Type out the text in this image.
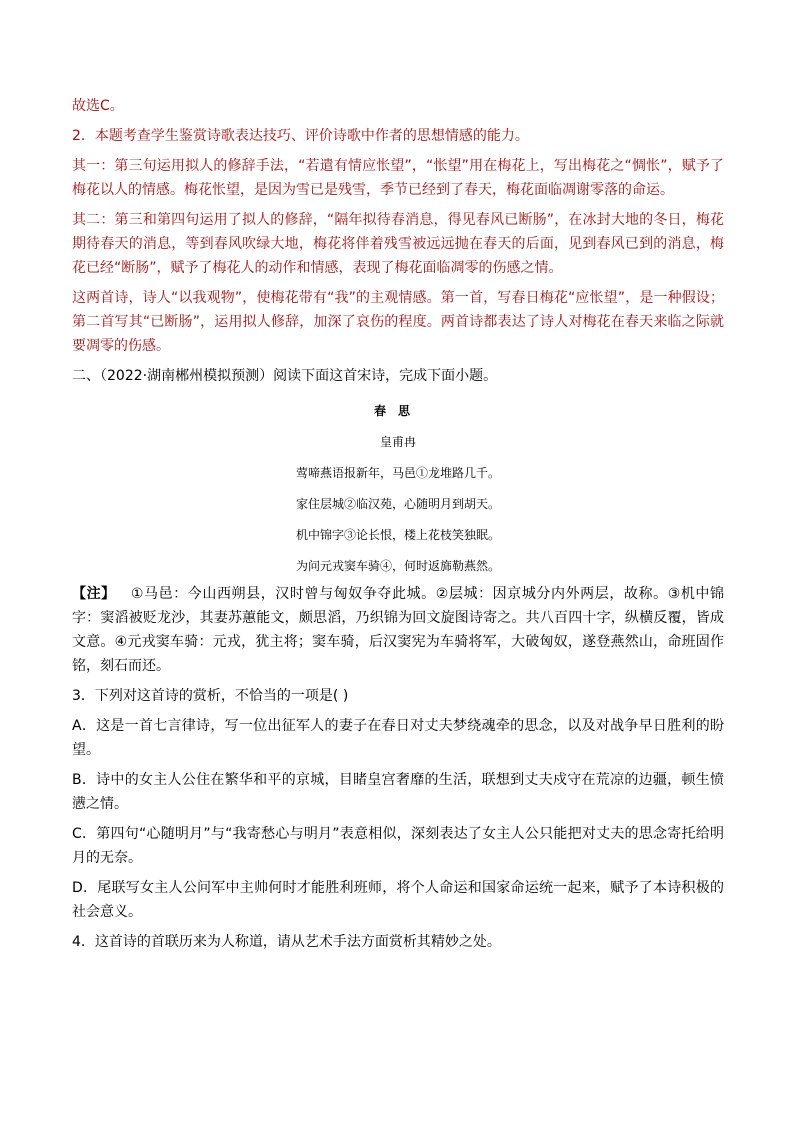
故选C。

2．本题考查学生鉴赏诗歌表达技巧、评价诗歌中作者的思想情感的能力。

其一：第三句运用拟人的修辞手法，“若遣有情应怅望”，“怅望”用在梅花上，写出梅花之“惆怅”，赋予了梅花以人的情感。梅花怅望，是因为雪已是残雪，季节已经到了春天，梅花面临凋谢零落的命运。

其二：第三和第四句运用了拟人的修辞，“隔年拟待春消息，得见春风已断肠”，在冰封大地的冬日，梅花期待春天的消息，等到春风吹绿大地，梅花将伴着残雪被远远抛在春天的后面，见到春风已到的消息，梅花已经“断肠”，赋予了梅花人的动作和情感，表现了梅花面临凋零的伤感之情。

这两首诗，诗人“以我观物”，使梅花带有“我”的主观情感。第一首，写春日梅花“应怅望”，是一种假设；第二首写其“已断肠”，运用拟人修辞，加深了哀伤的程度。两首诗都表达了诗人对梅花在春天来临之际就要凋零的伤感。

二、（2022·湖南郴州模拟预测）阅读下面这首宋诗，完成下面小题。

春思
皇甫冉
莺啼燕语报新年，马邑①龙堆路几千。
家住层城②临汉苑，心随明月到胡天。
机中锦字③论长恨，楼上花枝笑独眠。
为问元戎窦车骑④，何时返旆勒燕然。

【注】 ①马邑：今山西朔县，汉时曾与匈奴争夺此城。②层城：因京城分内外两层，故称。③机中锦字：窦滔被贬龙沙，其妻苏蕙能文，颇思滔，乃织锦为回文旋图诗寄之。共八百四十字，纵横反覆，皆成文意。④元戎窦车骑：元戎，犹主将；窦车骑，后汉窦宪为车骑将军，大破匈奴，遂登燕然山，命班固作铭，刻石而还。

3．下列对这首诗的赏析，不恰当的一项是( )

A．这是一首七言律诗，写一位出征军人的妻子在春日对丈夫梦绕魂牵的思念，以及对战争早日胜利的盼望。

B．诗中的女主人公住在繁华和平的京城，目睹皇宫奢靡的生活，联想到丈夫戍守在荒凉的边疆，顿生愤懑之情。

C．第四句“心随明月”与“我寄愁心与明月”表意相似，深刻表达了女主人公只能把对丈夫的思念寄托给明月的无奈。

D．尾联写女主人公问军中主帅何时才能胜利班师，将个人命运和国家命运统一起来，赋予了本诗积极的社会意义。

4．这首诗的首联历来为人称道，请从艺术手法方面赏析其精妙之处。
